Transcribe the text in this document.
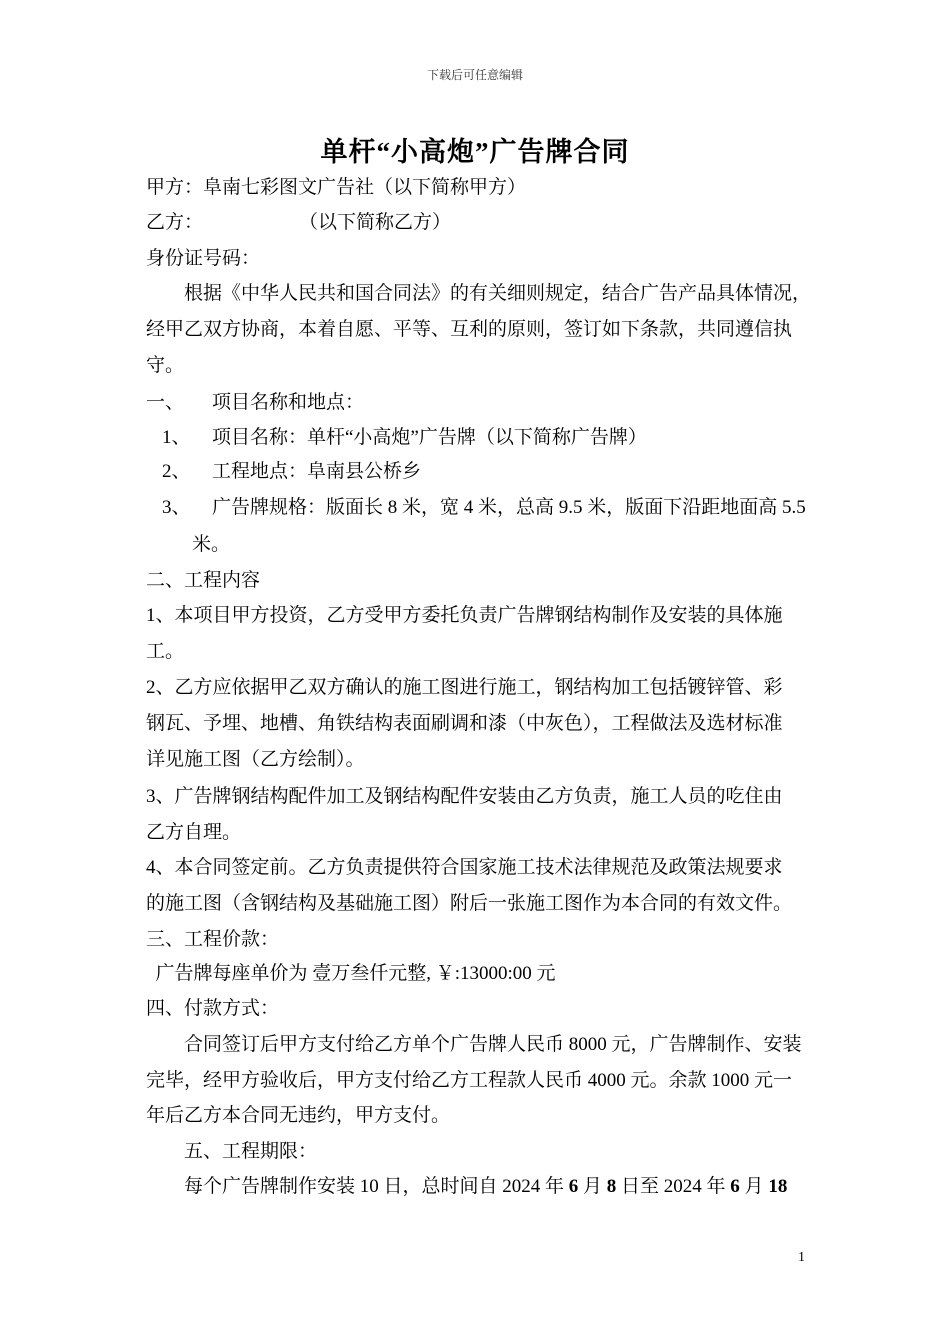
下载后可任意编辑
单杆“小高炮”广告牌合同
甲方：阜南七彩图文广告社（以下简称甲方）
乙方：	（以下简称乙方）
身份证号码：
根据《中华人民共和国合同法》的有关细则规定，结合广告产品具体情况，
经甲乙双方协商，本着自愿、平等、互利的原则，签订如下条款，共同遵信执
守。
一、 项目名称和地点：
1、 项目名称：单杆“小高炮”广告牌（以下简称广告牌）
2、 工程地点：阜南县公桥乡
3、 广告牌规格：版面长 8 米，宽 4 米，总高 9.5 米，版面下沿距地面高 5.5
米。
二、工程内容
1、本项目甲方投资，乙方受甲方委托负责广告牌钢结构制作及安装的具体施
工。
2、乙方应依据甲乙双方确认的施工图进行施工，钢结构加工包括镀锌管、彩
钢瓦、予埋、地槽、角铁结构表面刷调和漆（中灰色），工程做法及选材标准
详见施工图（乙方绘制）。
3、广告牌钢结构配件加工及钢结构配件安装由乙方负责，施工人员的吃住由
乙方自理。
4、本合同签定前。乙方负责提供符合国家施工技术法律规范及政策法规要求
的施工图（含钢结构及基础施工图）附后一张施工图作为本合同的有效文件。
三、工程价款：
广告牌每座单价为 壹万叁仟元整, ￥:13000:00 元
四、付款方式：
合同签订后甲方支付给乙方单个广告牌人民币 8000 元，广告牌制作、安装
完毕，经甲方验收后，甲方支付给乙方工程款人民币 4000 元。余款 1000 元一
年后乙方本合同无违约，甲方支付。
五、工程期限：
每个广告牌制作安装 10 日，总时间自 2024 年 6 月 8 日至 2024 年 6 月 18
1
